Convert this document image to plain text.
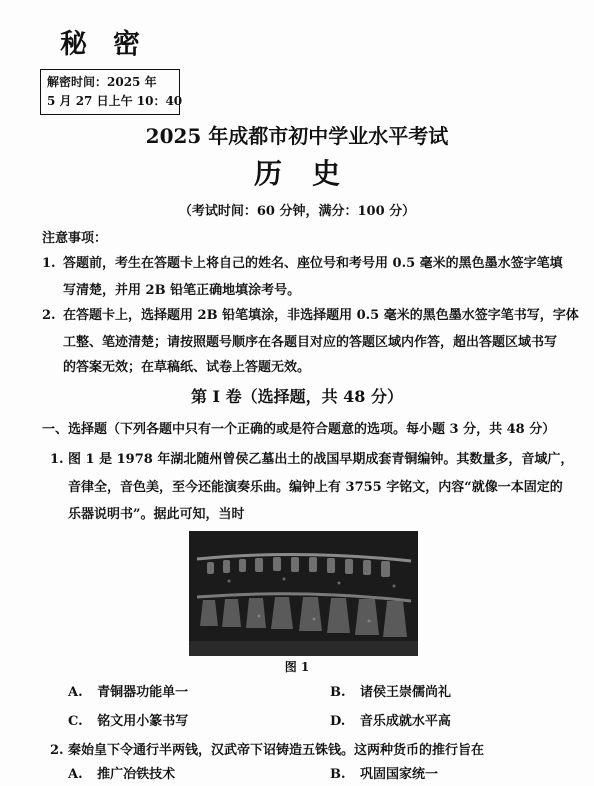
秘密
解密时间：2025 年
5 月 27 日上午 10：40
2025 年成都市初中学业水平考试
历史
（考试时间：60 分钟，满分：100 分）
注意事项：
1. 答题前，考生在答题卡上将自己的姓名、座位号和考号用 0.5 毫米的黑色墨水签字笔填
写清楚，并用 2B 铅笔正确地填涂考号。
2. 在答题卡上，选择题用 2B 铅笔填涂，非选择题用 0.5 毫米的黑色墨水签字笔书写，字体
工整、笔迹清楚；请按照题号顺序在各题目对应的答题区域内作答，超出答题区域书写
的答案无效；在草稿纸、试卷上答题无效。
第 I 卷（选择题，共 48 分）
一、选择题（下列各题中只有一个正确的或是符合题意的选项。每小题 3 分，共 48 分）
1. 图 1 是 1978 年湖北随州曾侯乙墓出土的战国早期成套青铜编钟。其数量多，音域广，
音律全，音色美，至今还能演奏乐曲。编钟上有 3755 字铭文，内容“就像一本固定的
乐器说明书”。据此可知，当时
图 1
A. 青铜器功能单一	B. 诸侯王崇儒尚礼
C. 铭文用小篆书写	D. 音乐成就水平高
2. 秦始皇下令通行半两钱，汉武帝下诏铸造五铢钱。这两种货币的推行旨在
A. 推广冶铁技术	B. 巩固国家统一
